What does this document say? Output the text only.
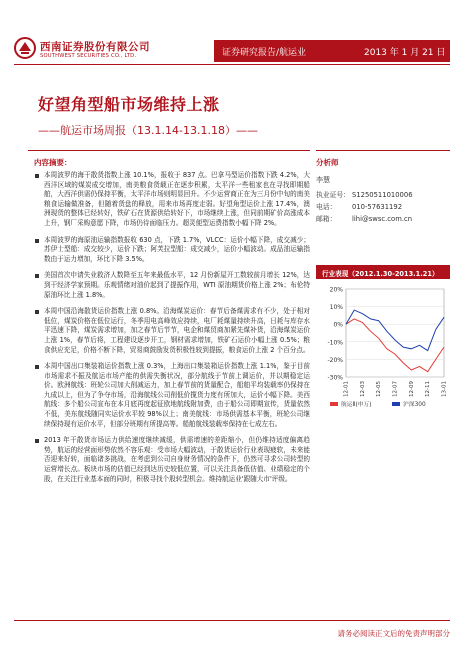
西南证券股份有限公司
SOUTHWEST SECURITIES CO., LTD.	证券研究报告/航运业	2013 年 1 月 21 日
好望角型船市场维持上涨
——航运市场周报（13.1.14-13.1.18）——
内容摘要：
本周波罗的海干散货指数上涨 10.1%，报收于 837 点。巴拿马型运价指数下跌 4.2%，大西洋区域的煤炭成交增加，南美粮食货载正在逐步积累，太平洋一些租家也在寻找即期船舶，大西洋供需仍保持平衡，太平洋市场则明显回升。不少运营商正在为三月份中旬的南美粮食运输做准备，但随着货盘的释放，用来市场再度走弱。好望角型运价上涨 17.4%，澳洲现货的整体已经转好，铁矿石在货源供给转好下，市场继续上涨，但同前期矿价高涨成本上升，钢厂采购意愿下降，市场仍待面临压力。超灵便型运费指数小幅下降 2%。
本周波罗的海原油运输指数报收 630 点，下跌 1.7%，VLCC：运价小幅下降，成交减少；苏伊士型船：成交较少，运价下跌；阿芙拉型船：成交减少，运价小幅波动。成品油运输指数由于运力增加，环比下降 3.5%。
美国首次申请失业救济人数降至五年来最低水平，12 月份新屋开工数较前月增长 12%，达到干经济学家预期。乐观情绪对油价起到了提振作用，WTI 原油期货价格上涨 2%；布伦特原油环比上涨 1.8%。
本周中国沿海散货运价指数上涨 0.8%。沿海煤炭运价：春节后备煤需求有不少，处于相对低位，煤炭价格在低位运行，冬季用电高峰效应持续，电厂耗煤量持续升高，日耗与库存水平迅速下降，煤炭需求增加，加之春节后节节，电企和煤贸商加紧先煤补货，沿海煤炭运价上涨 1%，春节后将，工程建设逐步开工，钢材需求增加，铁矿石运价小幅上涨 0.5%；粮食供应充足，价格不断下降，贸易商鼓励发货积极性较到提振，粮食运价上涨 2 个百分点。
本周中国出口集装箱运价指数上涨 0.3%，上海出口集装箱运价指数上涨 1.1%，鉴于目前市场需求不振及航运市场产能的供需失衡状况，部分航线于节前上调运价，并以期稳定运价。欧洲航线：班轮公司加大削减运力，加上春节前的货量配合，船舶平均装载率仍保持在九成以上，但为了争夺市场，沿海航线公司削低价揽货力度有所加大，运价小幅下降。美西航线：多个船公司宣布在本月底再度起征欧地航线附加费，由于船公司即期宣传，货量依然不低，美东航线随同实运价水平较 98%以上；南美航线：市场供需基本平衡，班轮公司继续保持现有运价水平，但部分班期有所提高等。船舶航线装载率保持在七成左右。
2013 年干散货市场运力供给速度继续减缓，供需增速的差距缩小，但仍维持适度偏离趋势，航运的经营面形势依然不容乐观：受市场大幅波动，于散货运价行业表现疲软，未来能否迎来好转，面临诸多挑战，在考虑到公司自身财务情况的条件下，仍然可寻求公司转型的运营增长点。板块市场的估值已经到达历史较低位置，可以关注具备低估值、业绩稳定的个股，在关注行业基本面的同时，积极寻找个股转型机会。维持航运业'跟随大市'评级。
分析师
李慧
执业证号： S1250511010006
电话： 010-57631192
邮箱： lihi@swsc.com.cn
行业表现（2012.1.30-2013.1.21）
20%
10%
0%
-10%
-20%
-30%
12-01 12-03 12-05 12-07 12-09 12-11 13-01
航运Ⅱ(申万)	沪深300
请务必阅读正文后的免责声明部分
